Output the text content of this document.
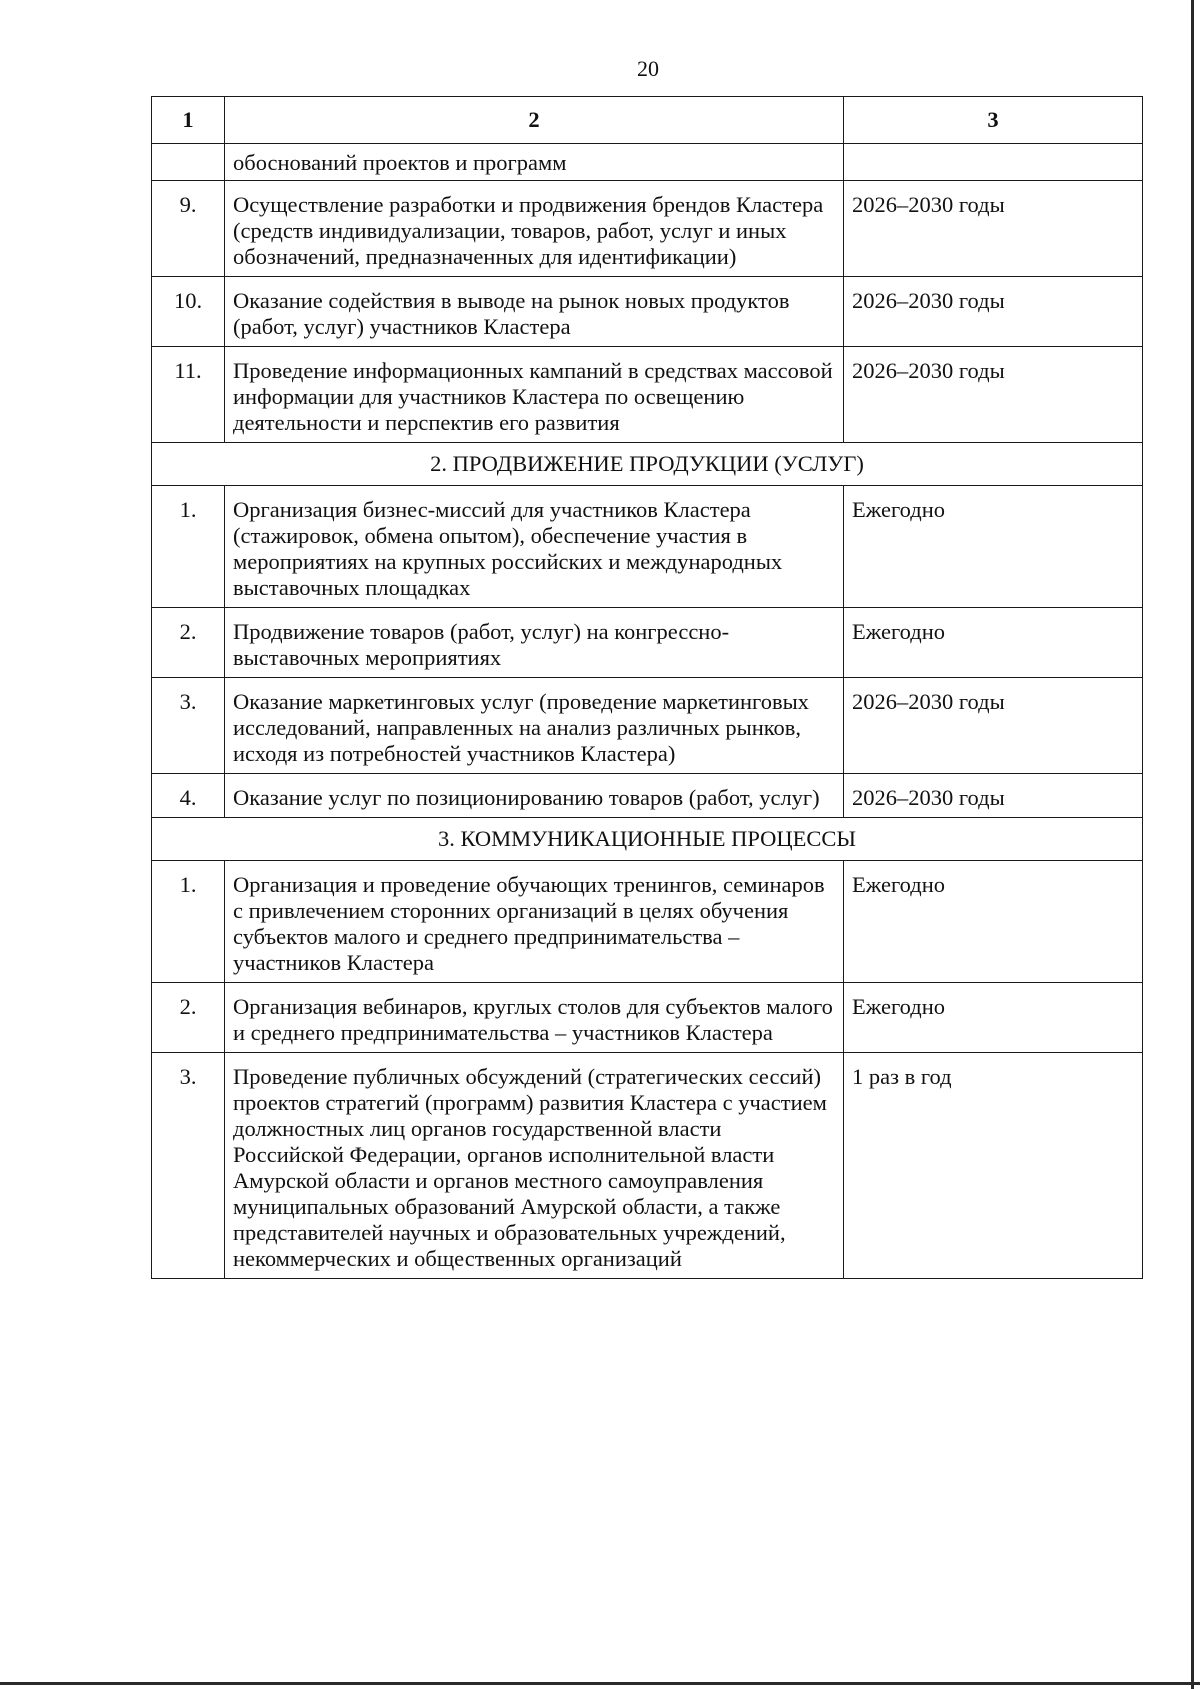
20
1	2	3
	обоснований проектов и программ	
9.	Осуществление разработки и продвижения брендов Кластера (средств индивидуализации, товаров, работ, услуг и иных обозначений, предназначенных для идентификации)	2026–2030 годы
10.	Оказание содействия в выводе на рынок новых продуктов (работ, услуг) участников Кластера	2026–2030 годы
11.	Проведение информационных кампаний в средствах массовой информации для участников Кластера по освещению деятельности и перспектив его развития	2026–2030 годы
2. ПРОДВИЖЕНИЕ ПРОДУКЦИИ (УСЛУГ)		
1.	Организация бизнес-миссий для участников Кластера (стажировок, обмена опытом), обеспечение участия в мероприятиях на крупных российских и международных выставочных площадках	Ежегодно
2.	Продвижение товаров (работ, услуг) на конгрессно-выставочных мероприятиях	Ежегодно
3.	Оказание маркетинговых услуг (проведение маркетинговых исследований, направленных на анализ различных рынков, исходя из потребностей участников Кластера)	2026–2030 годы
4.	Оказание услуг по позиционированию товаров (работ, услуг)	2026–2030 годы
3. КОММУНИКАЦИОННЫЕ ПРОЦЕССЫ		
1.	Организация и проведение обучающих тренингов, семинаров с привлечением сторонних организаций в целях обучения субъектов малого и среднего предпринимательства – участников Кластера	Ежегодно
2.	Организация вебинаров, круглых столов для субъектов малого и среднего предпринимательства – участников Кластера	Ежегодно
3.	Проведение публичных обсуждений (стратегических сессий) проектов стратегий (программ) развития Кластера с участием должностных лиц органов государственной власти Российской Федерации, органов исполнительной власти Амурской области и органов местного самоуправления муниципальных образований Амурской области, а также представителей научных и образовательных учреждений, некоммерческих и общественных организаций	1 раз в год
